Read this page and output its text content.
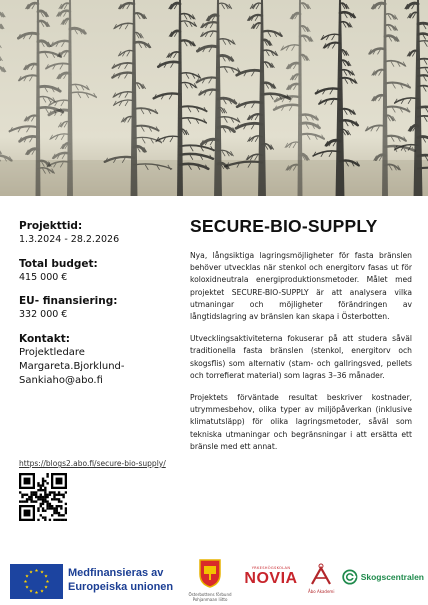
Projekttid:
1.3.2024 - 28.2.2026
Total budget:
415 000 €
EU- finansiering:
332 000 €
Kontakt:
Projektledare
Margareta.Bjorklund-
Sankiaho@abo.fi
https://blogs2.abo.fi/secure-bio-supply/
SECURE-BIO-SUPPLY

Nya, långsiktiga lagringsmöjligheter för fasta bränslen behöver utvecklas när stenkol och energitorv fasas ut för koloxidneutrala energiproduktionsmetoder. Målet med projektet SECURE-BIO-SUPPLY är att analysera vilka utmaningar och möjligheter förändringen av långtidslagring av bränslen kan skapa i Österbotten.

Utvecklingsaktiviteterna fokuserar på att studera såväl traditionella fasta bränslen (stenkol, energitorv och skogsflis) som alternativ (stam- och gallringsved, pellets och torrefierat material) som lagras 3–36 månader.

Projektets förväntade resultat beskriver kostnader, utrymmesbehov, olika typer av miljöpåverkan (inklusive klimatutsläpp) för olika lagringsmetoder, såväl som tekniska utmaningar och begränsningar i att ersätta ett bränsle med ett annat.

Medfinansieras av
Europeiska unionen
Österbottens förbund
Pohjanmaan liitto
YRKESHÖGSKOLAN
NOVIA
Åbo Akademi
Skogscentralen
